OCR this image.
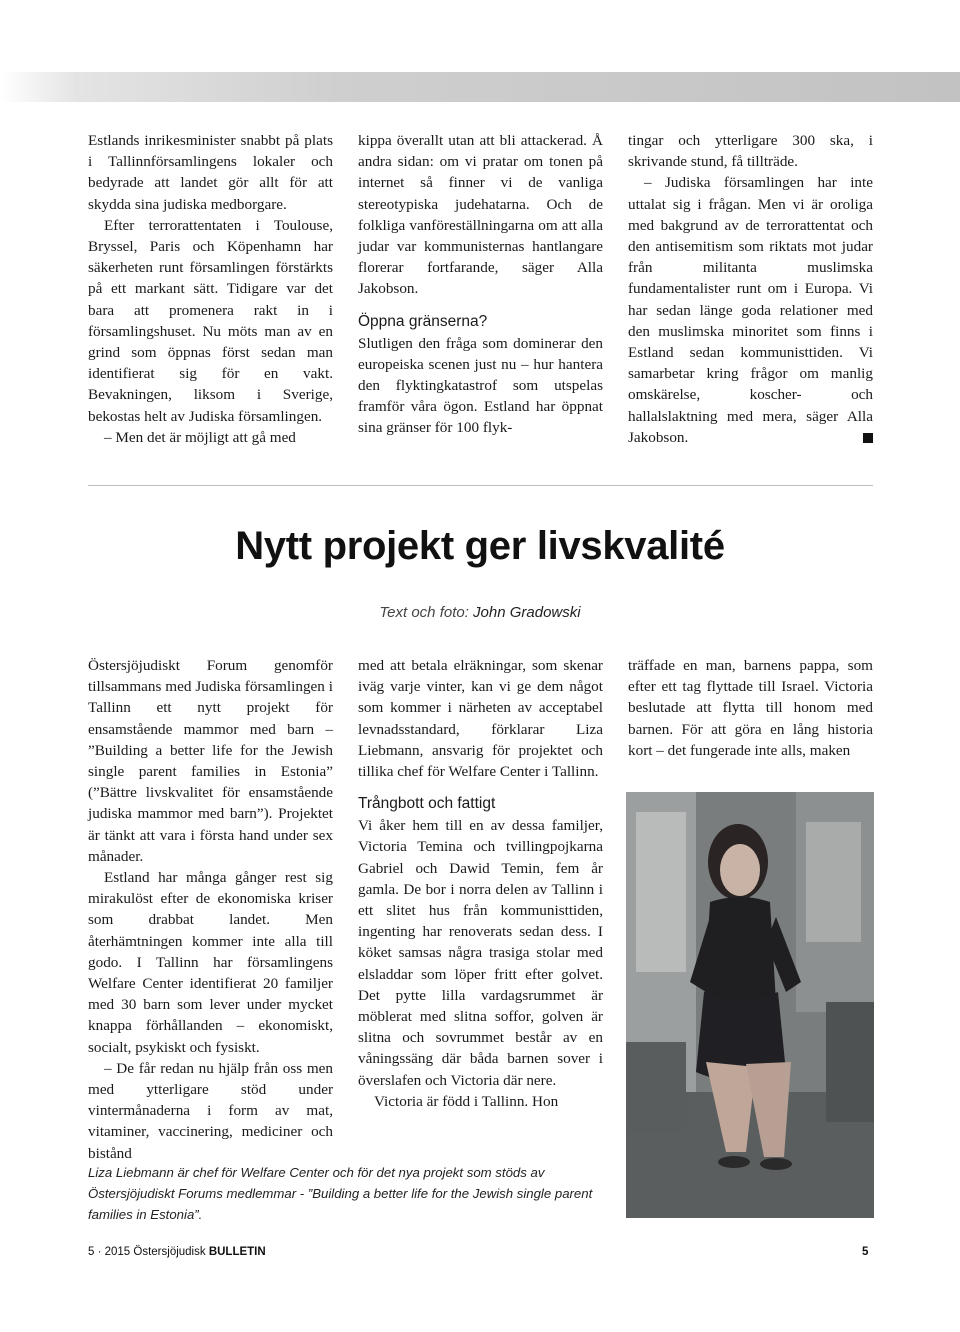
Estlands inrikesminister snabbt på plats i Tallinnförsamlingens lokaler och bedyrade att landet gör allt för att skydda sina judiska medborgare.

Efter terrorattentaten i Toulouse, Bryssel, Paris och Köpenhamn har säkerheten runt församlingen förstärkts på ett markant sätt. Tidigare var det bara att promenera rakt in i församlingshuset. Nu möts man av en grind som öppnas först sedan man identifierat sig för en vakt. Bevakningen, liksom i Sverige, bekostas helt av Judiska församlingen.

– Men det är möjligt att gå med

kippa överallt utan att bli attackerad. Å andra sidan: om vi pratar om tonen på internet så finner vi de vanliga stereotypiska judehatarna. Och de folkliga vanföreställningarna om att alla judar var kommunisternas hantlangare florerar fortfarande, säger Alla Jakobson.

Öppna gränserna?

Slutligen den fråga som dominerar den europeiska scenen just nu – hur hantera den flyktingkatastrof som utspelas framför våra ögon. Estland har öppnat sina gränser för 100 flyk-

tingar och ytterligare 300 ska, i skrivande stund, få tillträde.

– Judiska församlingen har inte uttalat sig i frågan. Men vi är oroliga med bakgrund av de terrorattentat och den antisemitism som riktats mot judar från militanta muslimska fundamentalister runt om i Europa. Vi har sedan länge goda relationer med den muslimska minoritet som finns i Estland sedan kommunisttiden. Vi samarbetar kring frågor om manlig omskärelse, koscher- och hallalslaktning med mera, säger Alla Jakobson.

Nytt projekt ger livskvalité
Text och foto: John Gradowski

Östersjöjudiskt Forum genomför tillsammans med Judiska församlingen i Tallinn ett nytt projekt för ensamstående mammor med barn – ”Building a better life for the Jewish single parent families in Estonia” (”Bättre livskvalitet för ensamstående judiska mammor med barn”). Projektet är tänkt att vara i första hand under sex månader.

Estland har många gånger rest sig mirakulöst efter de ekonomiska kriser som drabbat landet. Men återhämtningen kommer inte alla till godo. I Tallinn har församlingens Welfare Center identifierat 20 familjer med 30 barn som lever under mycket knappa förhållanden – ekonomiskt, socialt, psykiskt och fysiskt.

– De får redan nu hjälp från oss men med ytterligare stöd under vintermånaderna i form av mat, vitaminer, vaccinering, mediciner och bistånd

med att betala elräkningar, som skenar iväg varje vinter, kan vi ge dem något som kommer i närheten av acceptabel levnadsstandard, förklarar Liza Liebmann, ansvarig för projektet och tillika chef för Welfare Center i Tallinn.

Trångbott och fattigt

Vi åker hem till en av dessa familjer, Victoria Temina och tvillingpojkarna Gabriel och Dawid Temin, fem år gamla. De bor i norra delen av Tallinn i ett slitet hus från kommunisttiden, ingenting har renoverats sedan dess. I köket samsas några trasiga stolar med elsladdar som löper fritt efter golvet. Det pytte lilla vardagsrummet är möblerat med slitna soffor, golven är slitna och sovrummet består av en våningssäng där båda barnen sover i överslafen och Victoria där nere.

Victoria är född i Tallinn. Hon

träffade en man, barnens pappa, som efter ett tag flyttade till Israel. Victoria beslutade att flytta till honom med barnen. För att göra en lång historia kort – det fungerade inte alls, maken

Liza Liebmann är chef för Welfare Center och för det nya projekt som stöds av Östersjöjudiskt Forums medlemmar - ”Building a better life for the Jewish single parent families in Estonia”.
5 · 2015 Östersjöjudisk BULLETIN	5
